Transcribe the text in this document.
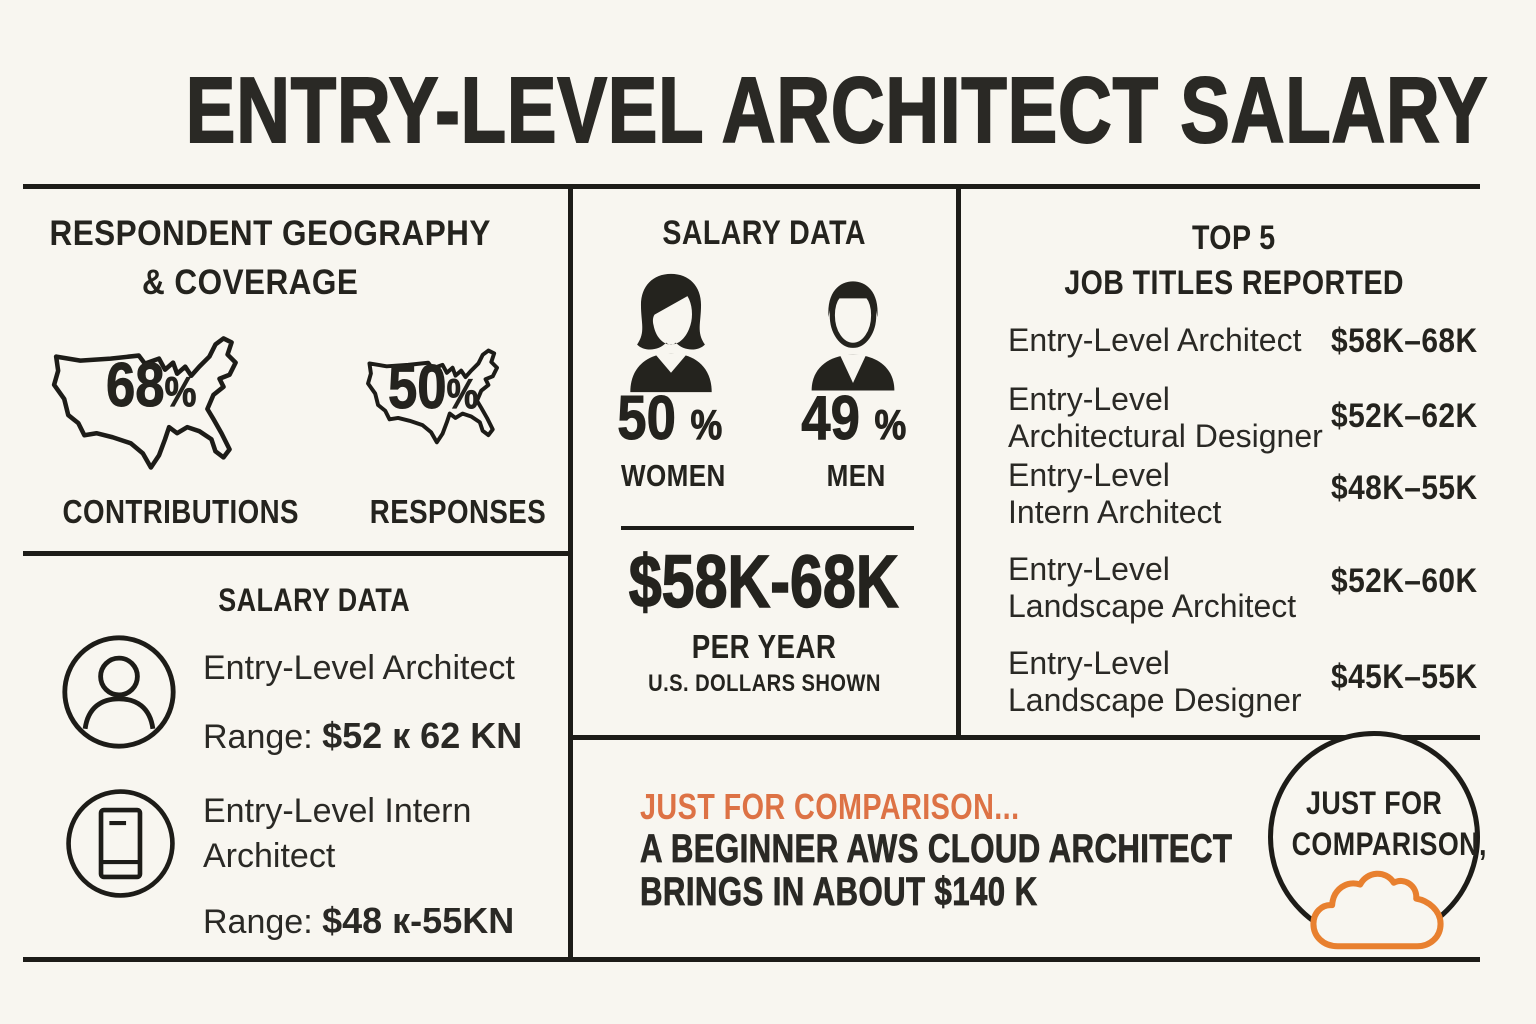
ENTRY-LEVEL ARCHITECT SALARY
RESPONDENT GEOGRAPHY
& COVERAGE
68%
CONTRIBUTIONS
50%
RESPONSES
SALARY DATA
50 % 49 %
WOMEN	MEN
$58K-68K
PER YEAR
U.S. DOLLARS SHOWN
TOP 5
JOB TITLES REPORTED
Entry-Level Architect $58K–68K
Entry-Level
Architectural Designer
$52K–62K
Entry-Level
Intern Architect
$48K–55K
Entry-Level
Landscape Architect
$52K–60K
Entry-Level
Landscape Designer
$45K–55K
SALARY DATA
Entry-Level Architect
Range: $52 к 62 KN
Entry-Level Intern
Architect
Range: $48 к-55KN
JUST FOR COMPARISON...
A BEGINNER AWS CLOUD ARCHITECT
BRINGS IN ABOUT $140 K
JUST FOR
COMPARISON,
